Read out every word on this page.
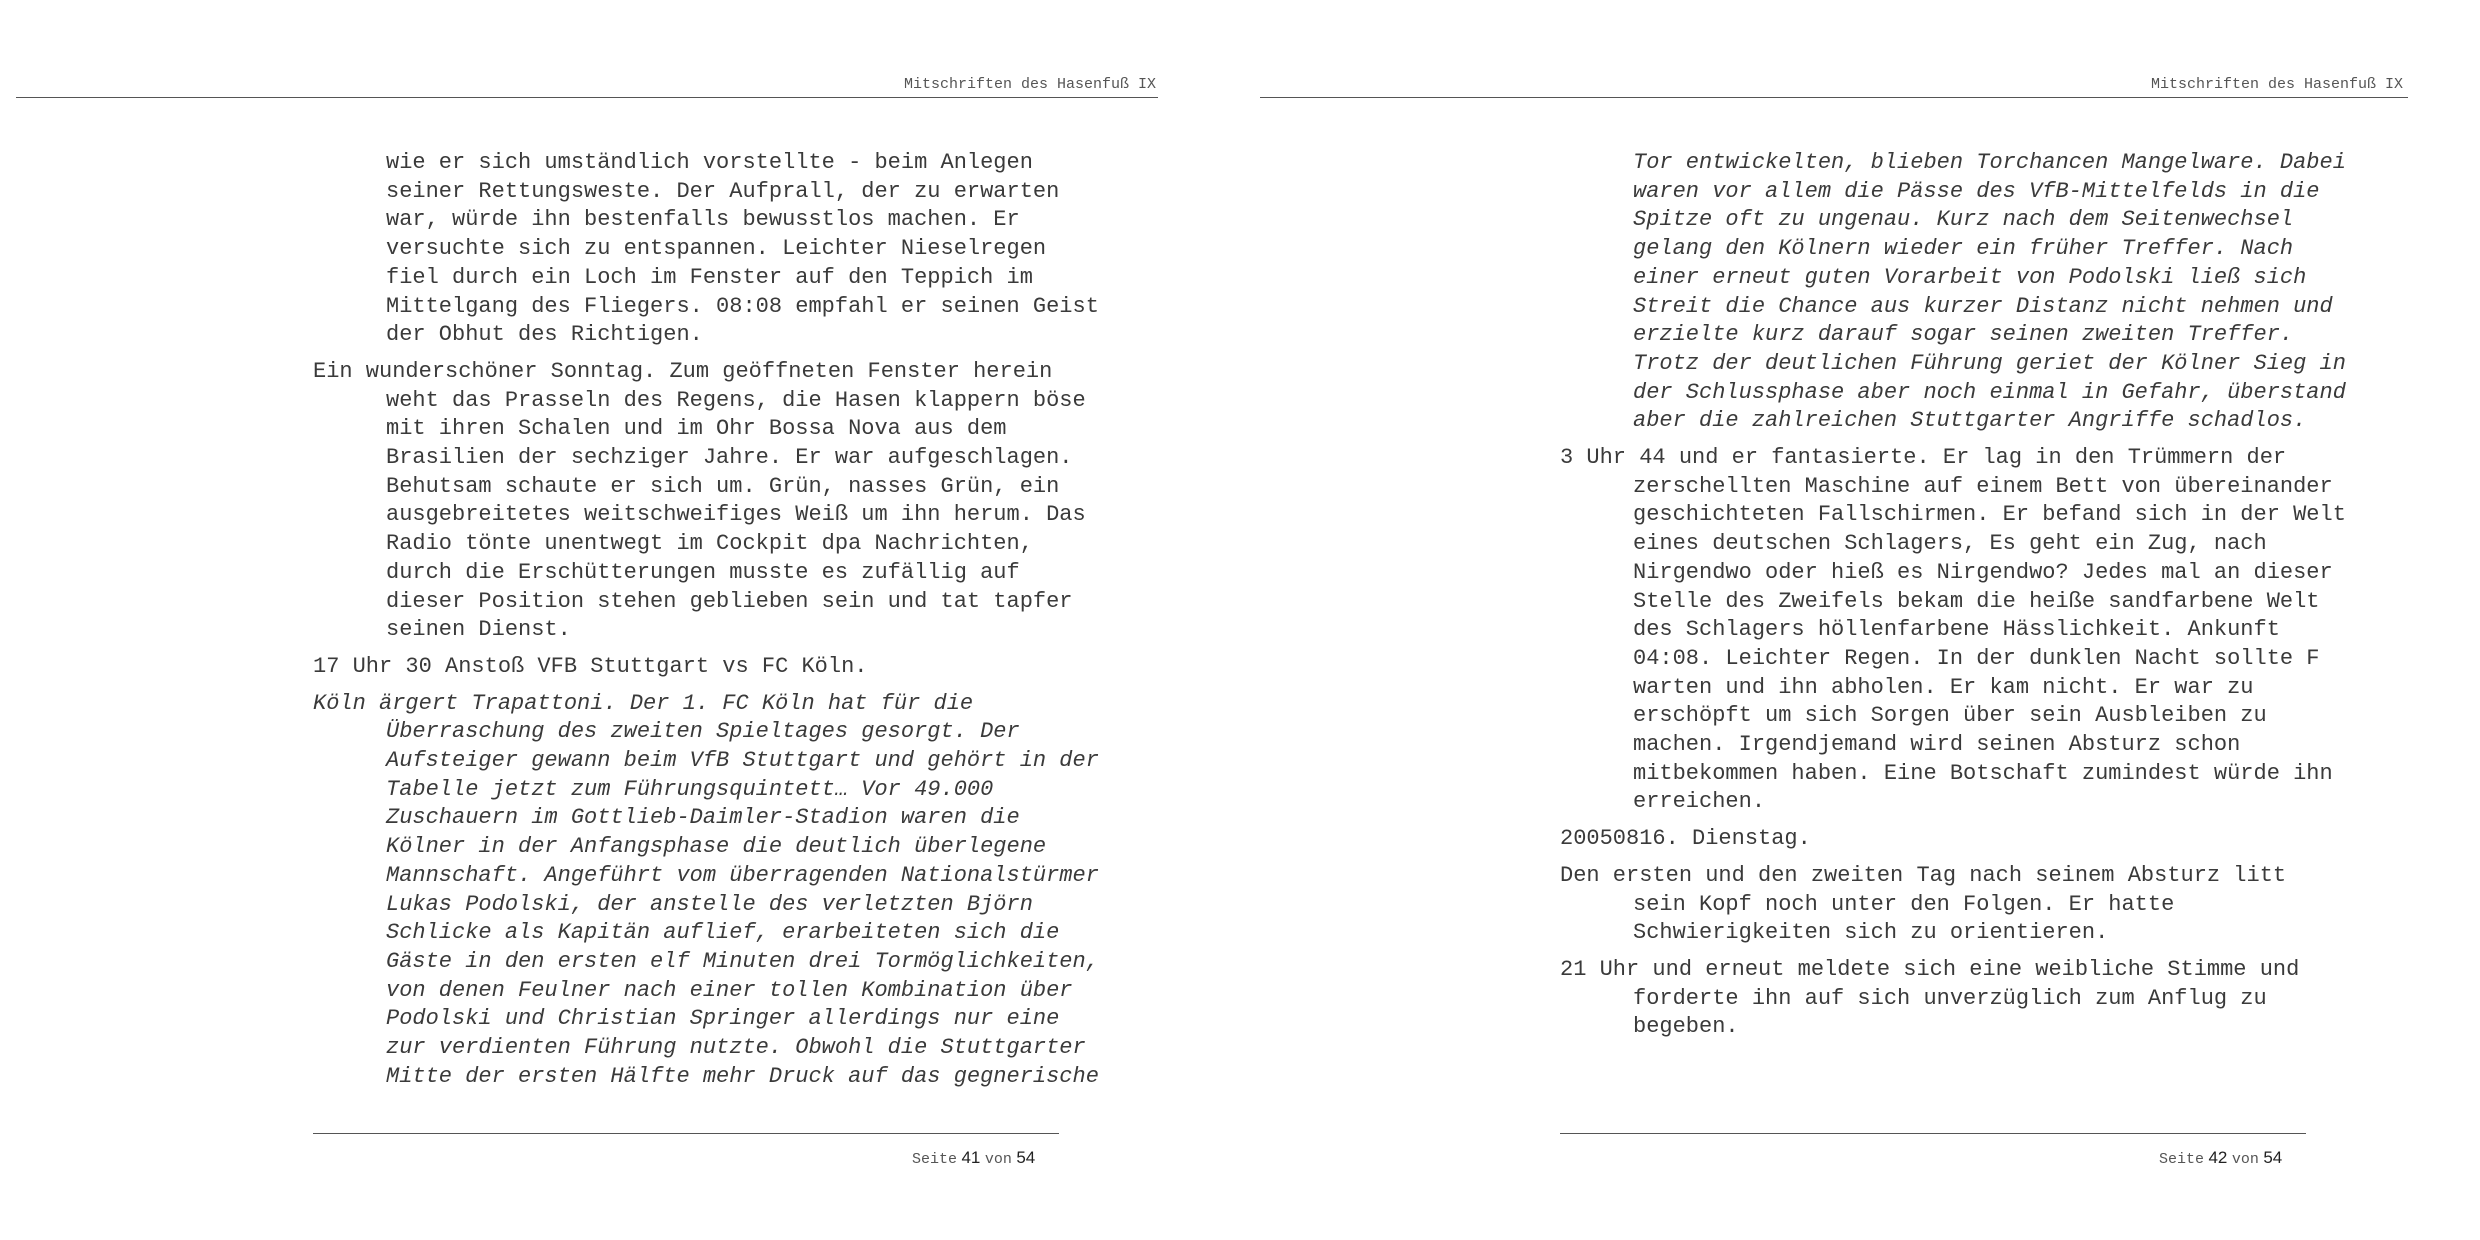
Mitschriften des Hasenfuß IX

wie er sich umständlich vorstellte - beim Anlegen seiner Rettungsweste. Der Aufprall, der zu erwarten war, würde ihn bestenfalls bewusstlos machen. Er versuchte sich zu entspannen. Leichter Nieselregen fiel durch ein Loch im Fenster auf den Teppich im Mittelgang des Fliegers. 08:08 empfahl er seinen Geist der Obhut des Richtigen.

Ein wunderschöner Sonntag. Zum geöffneten Fenster herein weht das Prasseln des Regens, die Hasen klappern böse mit ihren Schalen und im Ohr Bossa Nova aus dem Brasilien der sechziger Jahre. Er war aufgeschlagen. Behutsam schaute er sich um. Grün, nasses Grün, ein ausgebreitetes weitschweifiges Weiß um ihn herum. Das Radio tönte unentwegt im Cockpit dpa Nachrichten, durch die Erschütterungen musste es zufällig auf dieser Position stehen geblieben sein und tat tapfer seinen Dienst.

17 Uhr 30 Anstoß VFB Stuttgart vs FC Köln.

Köln ärgert Trapattoni. Der 1. FC Köln hat für die Überraschung des zweiten Spieltages gesorgt. Der Aufsteiger gewann beim VfB Stuttgart und gehört in der Tabelle jetzt zum Führungsquintett… Vor 49.000 Zuschauern im Gottlieb-Daimler-Stadion waren die Kölner in der Anfangsphase die deutlich überlegene Mannschaft. Angeführt vom überragenden Nationalstürmer Lukas Podolski, der anstelle des verletzten Björn Schlicke als Kapitän auflief, erarbeiteten sich die Gäste in den ersten elf Minuten drei Tormöglichkeiten, von denen Feulner nach einer tollen Kombination über Podolski und Christian Springer allerdings nur eine zur verdienten Führung nutzte. Obwohl die Stuttgarter Mitte der ersten Hälfte mehr Druck auf das gegnerische

Seite 41 von 54
Mitschriften des Hasenfuß IX

Tor entwickelten, blieben Torchancen Mangelware. Dabei waren vor allem die Pässe des VfB-Mittelfelds in die Spitze oft zu ungenau. Kurz nach dem Seitenwechsel gelang den Kölnern wieder ein früher Treffer. Nach einer erneut guten Vorarbeit von Podolski ließ sich Streit die Chance aus kurzer Distanz nicht nehmen und erzielte kurz darauf sogar seinen zweiten Treffer. Trotz der deutlichen Führung geriet der Kölner Sieg in der Schlussphase aber noch einmal in Gefahr, überstand aber die zahlreichen Stuttgarter Angriffe schadlos.

3 Uhr 44 und er fantasierte. Er lag in den Trümmern der zerschellten Maschine auf einem Bett von übereinander geschichteten Fallschirmen. Er befand sich in der Welt eines deutschen Schlagers, Es geht ein Zug, nach Nirgendwo oder hieß es Nirgendwo? Jedes mal an dieser Stelle des Zweifels bekam die heiße sandfarbene Welt des Schlagers höllenfarbene Hässlichkeit. Ankunft 04:08. Leichter Regen. In der dunklen Nacht sollte F warten und ihn abholen. Er kam nicht. Er war zu erschöpft um sich Sorgen über sein Ausbleiben zu machen. Irgendjemand wird seinen Absturz schon mitbekommen haben. Eine Botschaft zumindest würde ihn erreichen.

20050816. Dienstag.

Den ersten und den zweiten Tag nach seinem Absturz litt sein Kopf noch unter den Folgen. Er hatte Schwierigkeiten sich zu orientieren.

21 Uhr und erneut meldete sich eine weibliche Stimme und forderte ihn auf sich unverzüglich zum Anflug zu begeben.

Seite 42 von 54
